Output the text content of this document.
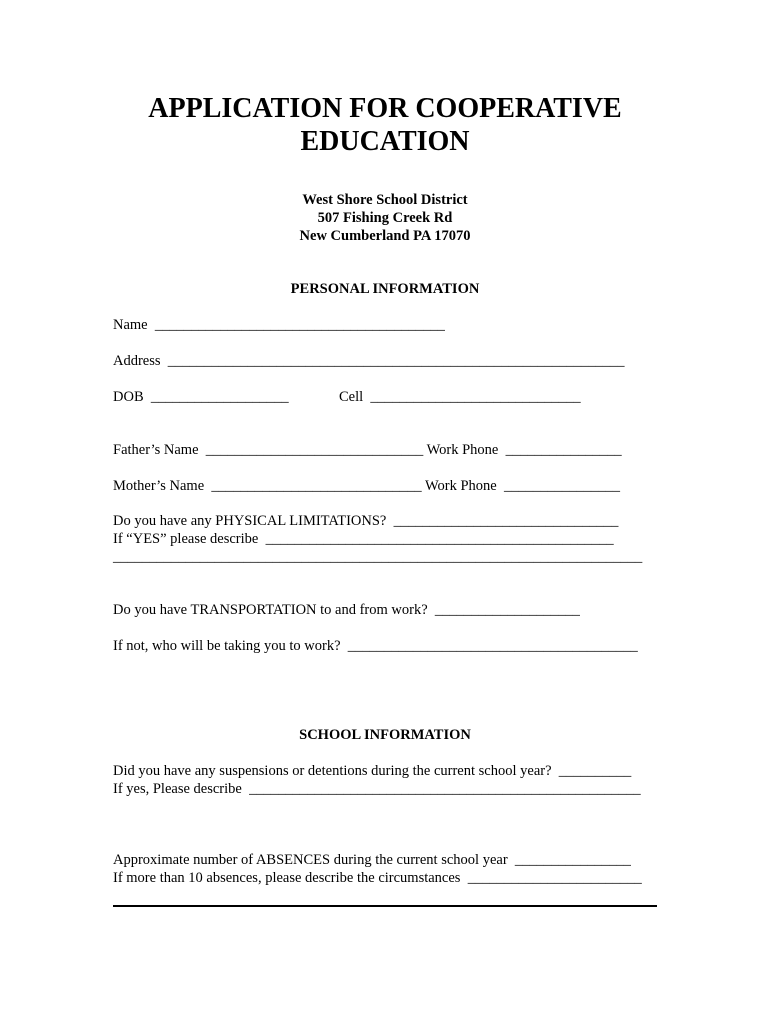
APPLICATION FOR COOPERATIVE
EDUCATION
West Shore School District
507 Fishing Creek Rd
New Cumberland PA 17070
PERSONAL INFORMATION
Name  ________________________________________
Address  _______________________________________________________________
DOB  ___________________	Cell  _____________________________
Father’s Name  ______________________________ Work Phone  ________________
Mother’s Name  _____________________________ Work Phone  ________________
Do you have any PHYSICAL LIMITATIONS?  _______________________________
If “YES” please describe  ________________________________________________
_________________________________________________________________________
Do you have TRANSPORTATION to and from work?  ____________________
If not, who will be taking you to work?  ________________________________________
SCHOOL INFORMATION
Did you have any suspensions or detentions during the current school year?  __________
If yes, Please describe  ______________________________________________________
Approximate number of ABSENCES during the current school year  ________________
If more than 10 absences, please describe the circumstances  ________________________
